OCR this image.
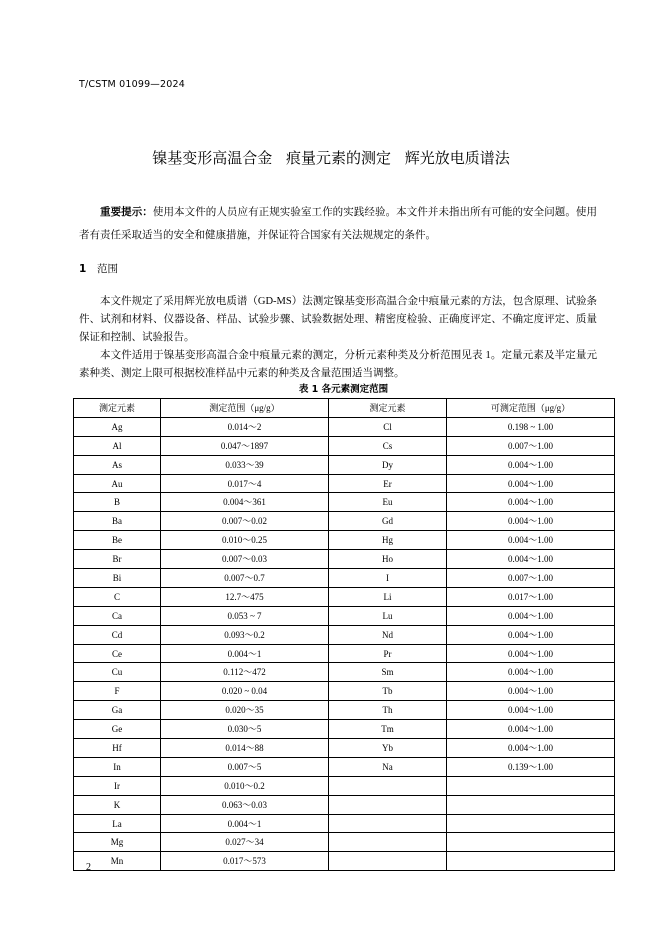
T/CSTM 01099—2024
镍基变形高温合金 痕量元素的测定 辉光放电质谱法
重要提示：使用本文件的人员应有正规实验室工作的实践经验。本文件并未指出所有可能的安全问题。使用者有责任采取适当的安全和健康措施，并保证符合国家有关法规规定的条件。
1 范围

本文件规定了采用辉光放电质谱（GD-MS）法测定镍基变形高温合金中痕量元素的方法，包含原理、试验条件、试剂和材料、仪器设备、样品、试验步骤、试验数据处理、精密度检验、正确度评定、不确定度评定、质量保证和控制、试验报告。

本文件适用于镍基变形高温合金中痕量元素的测定，分析元素种类及分析范围见表 1。定量元素及半定量元素种类、测定上限可根据校准样品中元素的种类及含量范围适当调整。

表 1 各元素测定范围
测定元素	测定范围（μg/g）	测定元素	可测定范围（μg/g）
Ag	0.014～2	Cl	0.198 ~ 1.00
Al	0.047～1897	Cs	0.007～1.00
As	0.033～39	Dy	0.004～1.00
Au	0.017～4	Er	0.004～1.00
B	0.004～361	Eu	0.004～1.00
Ba	0.007～0.02	Gd	0.004～1.00
Be	0.010～0.25	Hg	0.004～1.00
Br	0.007～0.03	Ho	0.004～1.00
Bi	0.007～0.7	I	0.007～1.00
C	12.7～475	Li	0.017～1.00
Ca	0.053 ~ 7	Lu	0.004～1.00
Cd	0.093～0.2	Nd	0.004～1.00
Ce	0.004～1	Pr	0.004～1.00
Cu	0.112～472	Sm	0.004～1.00
F	0.020 ~ 0.04	Tb	0.004～1.00
Ga	0.020～35	Th	0.004～1.00
Ge	0.030～5	Tm	0.004～1.00
Hf	0.014～88	Yb	0.004～1.00
In	0.007～5	Na	0.139～1.00
Ir	0.010～0.2		
K	0.063～0.03		
La	0.004～1		
Mg	0.027～34		
Mn	0.017～573		
2
